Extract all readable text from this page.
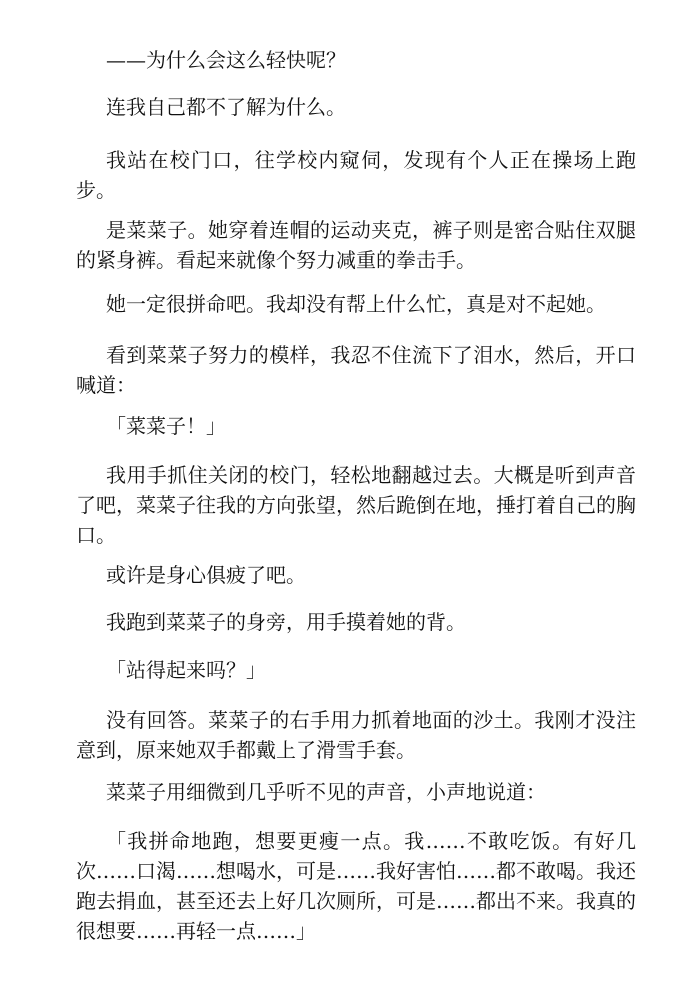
——为什么会这么轻快呢？

连我自己都不了解为什么。

我站在校门口，往学校内窥伺，发现有个人正在操场上跑步。

是菜菜子。她穿着连帽的运动夹克，裤子则是密合贴住双腿的紧身裤。看起来就像个努力减重的拳击手。

她一定很拼命吧。我却没有帮上什么忙，真是对不起她。

看到菜菜子努力的模样，我忍不住流下了泪水，然后，开口喊道：

「菜菜子！」

我用手抓住关闭的校门，轻松地翻越过去。大概是听到声音了吧，菜菜子往我的方向张望，然后跪倒在地，捶打着自己的胸口。

或许是身心俱疲了吧。

我跑到菜菜子的身旁，用手摸着她的背。

「站得起来吗？」

没有回答。菜菜子的右手用力抓着地面的沙土。我刚才没注意到，原来她双手都戴上了滑雪手套。

菜菜子用细微到几乎听不见的声音，小声地说道：

「我拼命地跑，想要更瘦一点。我……不敢吃饭。有好几次……口渴……想喝水，可是……我好害怕……都不敢喝。我还跑去捐血，甚至还去上好几次厕所，可是……都出不来。我真的很想要……再轻一点……」
